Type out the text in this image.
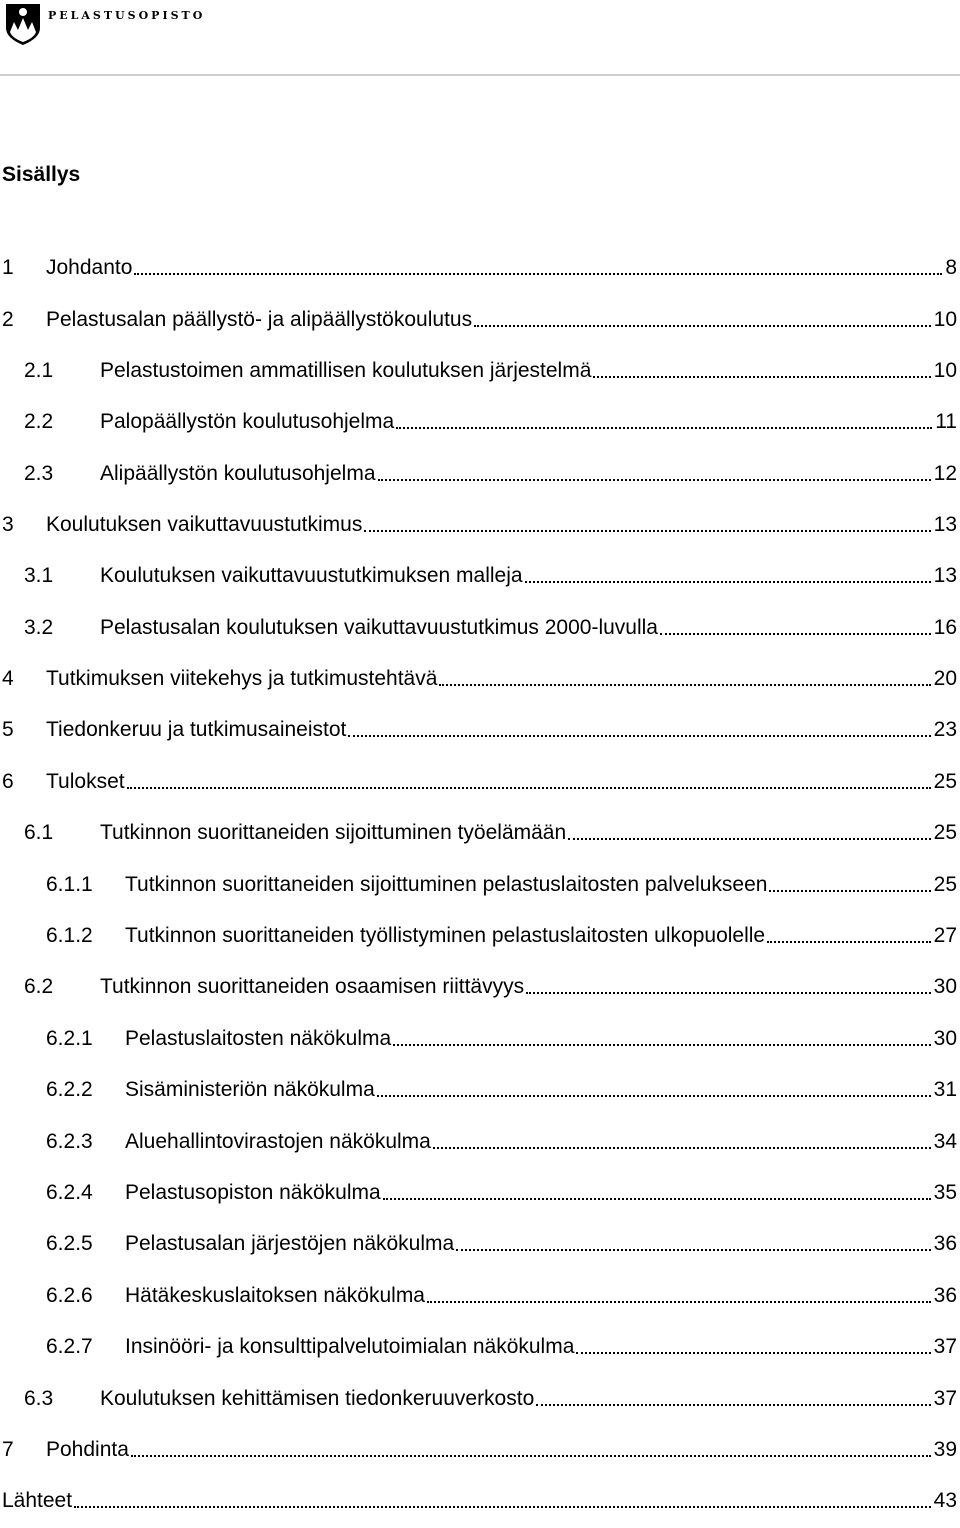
PELASTUSOPISTO
Sisällys
1 Johdanto	8
2 Pelastusalan päällystö- ja alipäällystökoulutus	10
2.1 Pelastustoimen ammatillisen koulutuksen järjestelmä	10
2.2 Palopäällystön koulutusohjelma	11
2.3 Alipäällystön koulutusohjelma	12
3 Koulutuksen vaikuttavuustutkimus	13
3.1 Koulutuksen vaikuttavuustutkimuksen malleja	13
3.2 Pelastusalan koulutuksen vaikuttavuustutkimus 2000-luvulla	16
4 Tutkimuksen viitekehys ja tutkimustehtävä	20
5 Tiedonkeruu ja tutkimusaineistot	23
6 Tulokset	25
6.1 Tutkinnon suorittaneiden sijoittuminen työelämään	25
6.1.1 Tutkinnon suorittaneiden sijoittuminen pelastuslaitosten palvelukseen	25
6.1.2 Tutkinnon suorittaneiden työllistyminen pelastuslaitosten ulkopuolelle	27
6.2 Tutkinnon suorittaneiden osaamisen riittävyys	30
6.2.1 Pelastuslaitosten näkökulma	30
6.2.2 Sisäministeriön näkökulma	31
6.2.3 Aluehallintovirastojen näkökulma	34
6.2.4 Pelastusopiston näkökulma	35
6.2.5 Pelastusalan järjestöjen näkökulma	36
6.2.6 Hätäkeskuslaitoksen näkökulma	36
6.2.7 Insinööri- ja konsulttipalvelutoimialan näkökulma	37
6.3 Koulutuksen kehittämisen tiedonkeruuverkosto	37
7 Pohdinta	39
Lähteet	43
